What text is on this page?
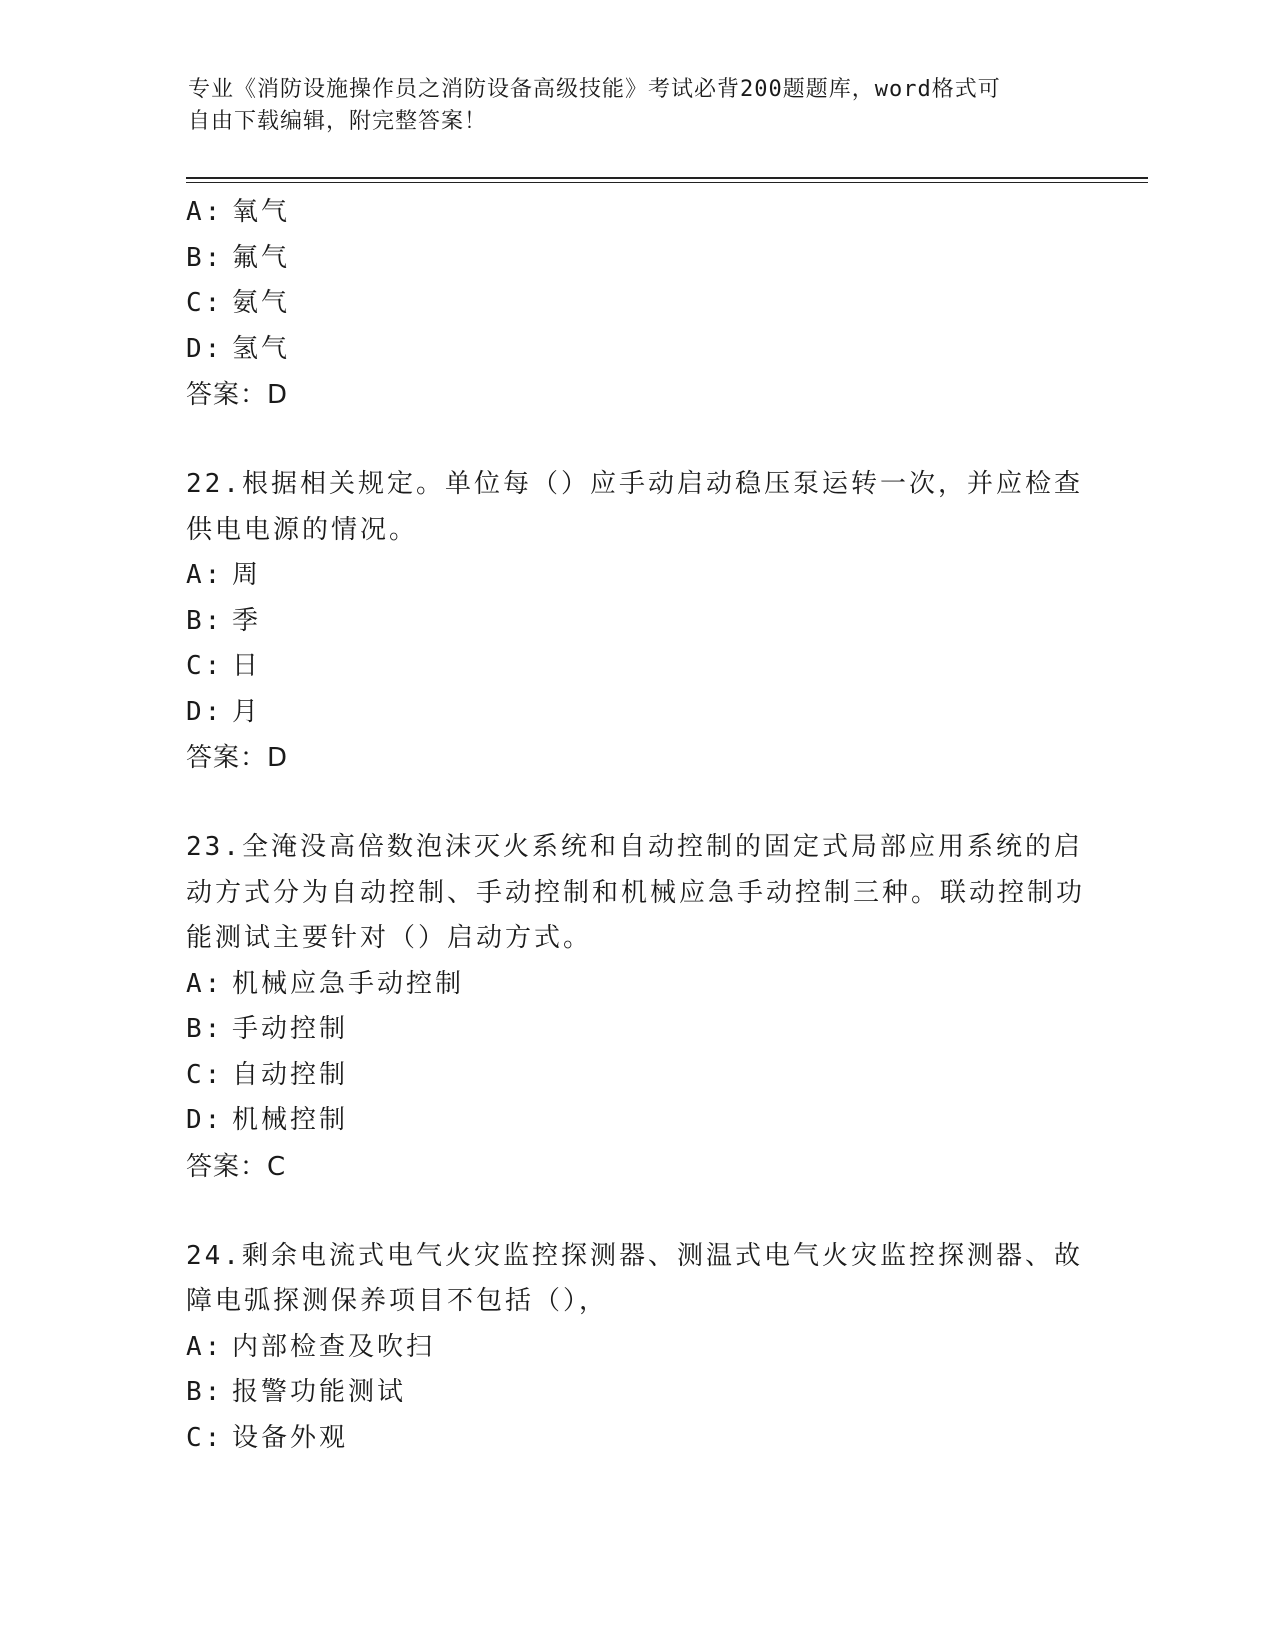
专业《消防设施操作员之消防设备高级技能》考试必背200题题库，word格式可
自由下载编辑，附完整答案！
A: 氧气
B: 氟气
C: 氨气
D: 氢气
答案：D
22.根据相关规定。单位每（）应手动启动稳压泵运转一次，并应检查供电电源的情况。
A: 周
B: 季
C: 日
D: 月
答案：D
23.全淹没高倍数泡沫灭火系统和自动控制的固定式局部应用系统的启动方式分为自动控制、手动控制和机械应急手动控制三种。联动控制功能测试主要针对（）启动方式。
A: 机械应急手动控制
B: 手动控制
C: 自动控制
D: 机械控制
答案：C
24.剩余电流式电气火灾监控探测器、测温式电气火灾监控探测器、故障电弧探测保养项目不包括（），
A: 内部检查及吹扫
B: 报警功能测试
C: 设备外观
